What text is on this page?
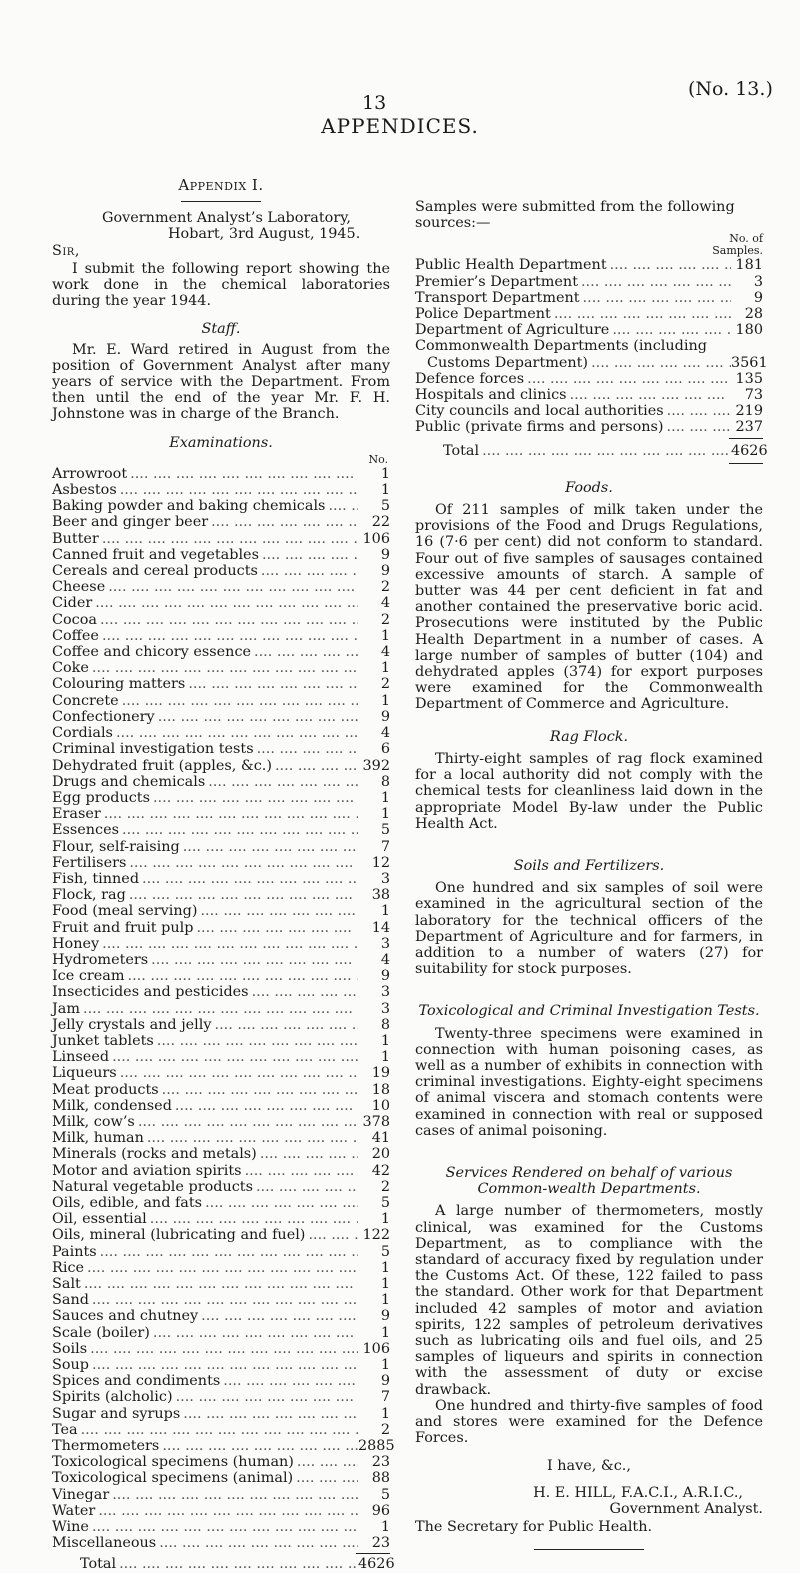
13
(No. 13.)
APPENDICES.
Appendix I.
Government Analyst’s Laboratory,
Hobart, 3rd August, 1945.
Sir,

I submit the following report showing the work done in the chemical laboratories during the year 1944.

Staff.

Mr. E. Ward retired in August from the position of Government Analyst after many years of service with the Department. From then until the end of the year Mr. F. H. Johnstone was in charge of the Branch.

Examinations.
No.
Arrowroot ....	1
Asbestos ....	1
Baking powder and baking chemicals ....	5
Beer and ginger beer ....	22
Butter ....	106
Canned fruit and vegetables ....	9
Cereals and cereal products ....	9
Cheese ....	2
Cider ....	4
Cocoa ....	2
Coffee ....	1
Coffee and chicory essence ....	4
Coke ....	1
Colouring matters ....	2
Concrete ....	1
Confectionery ....	9
Cordials ....	4
Criminal investigation tests ....	6
Dehydrated fruit (apples, &c.) ....	392
Drugs and chemicals ....	8
Egg products ....	1
Eraser ....	1
Essences ....	5
Flour, self-raising ....	7
Fertilisers ....	12
Fish, tinned ....	3
Flock, rag ....	38
Food (meal serving) ....	1
Fruit and fruit pulp ....	14
Honey ....	3
Hydrometers ....	4
Ice cream ....	9
Insecticides and pesticides ....	3
Jam ....	3
Jelly crystals and jelly ....	8
Junket tablets ....	1
Linseed ....	1
Liqueurs ....	19
Meat products ....	18
Milk, condensed ....	10
Milk, cow’s ....	378
Milk, human ....	41
Minerals (rocks and metals) ....	20
Motor and aviation spirits ....	42
Natural vegetable products ....	2
Oils, edible, and fats ....	5
Oil, essential ....	1
Oils, mineral (lubricating and fuel) ....	122
Paints ....	5
Rice ....	1
Salt ....	1
Sand ....	1
Sauces and chutney ....	9
Scale (boiler) ....	1
Soils ....	106
Soup ....	1
Spices and condiments ....	9
Spirits (alcholic) ....	7
Sugar and syrups ....	1
Tea ....	2
Thermometers ....	2885
Toxicological specimens (human) ....	23
Toxicological specimens (animal) ....	88
Vinegar ....	5
Water ....	96
Wine ....	1
Miscellaneous ....	23
Total ....	4626

Samples were submitted from the following sources:—

No. of
Samples.
Public Health Department ....	181
Premier’s Department ....	3
Transport Department ....	9
Police Department ....	28
Department of Agriculture ....	180
Commonwealth Departments (including
Customs Department) ....	3561
Defence forces ....	135
Hospitals and clinics ....	73
City councils and local authorities ....	219
Public (private firms and persons) ....	237
Total ....	4626
Foods.

Of 211 samples of milk taken under the provisions of the Food and Drugs Regulations, 16 (7·6 per cent) did not conform to standard. Four out of five samples of sausages contained excessive amounts of starch. A sample of butter was 44 per cent deficient in fat and another contained the preservative boric acid. Prosecutions were instituted by the Public Health Department in a number of cases. A large number of samples of butter (104) and dehydrated apples (374) for export purposes were examined for the Commonwealth Department of Commerce and Agriculture.

Rag Flock.

Thirty-eight samples of rag flock examined for a local authority did not comply with the chemical tests for cleanliness laid down in the appropriate Model By-law under the Public Health Act.

Soils and Fertilizers.

One hundred and six samples of soil were examined in the agricultural section of the laboratory for the technical officers of the Department of Agriculture and for farmers, in addition to a number of waters (27) for suitability for stock purposes.

Toxicological and Criminal Investigation Tests.

Twenty-three specimens were examined in connection with human poisoning cases, as well as a number of exhibits in connection with criminal investigations. Eighty-eight specimens of animal viscera and stomach contents were examined in connection with real or supposed cases of animal poisoning.

Services Rendered on behalf of various Common-wealth Departments.

A large number of thermometers, mostly clinical, was examined for the Customs Department, as to compliance with the standard of accuracy fixed by regulation under the Customs Act. Of these, 122 failed to pass the standard. Other work for that Department included 42 samples of motor and aviation spirits, 122 samples of petroleum derivatives such as lubricating oils and fuel oils, and 25 samples of liqueurs and spirits in connection with the assessment of duty or excise drawback.

One hundred and thirty-five samples of food and stores were examined for the Defence Forces.

I have, &c.,
H. E. HILL, F.A.C.I., A.R.I.C.,
Government Analyst.
The Secretary for Public Health.
